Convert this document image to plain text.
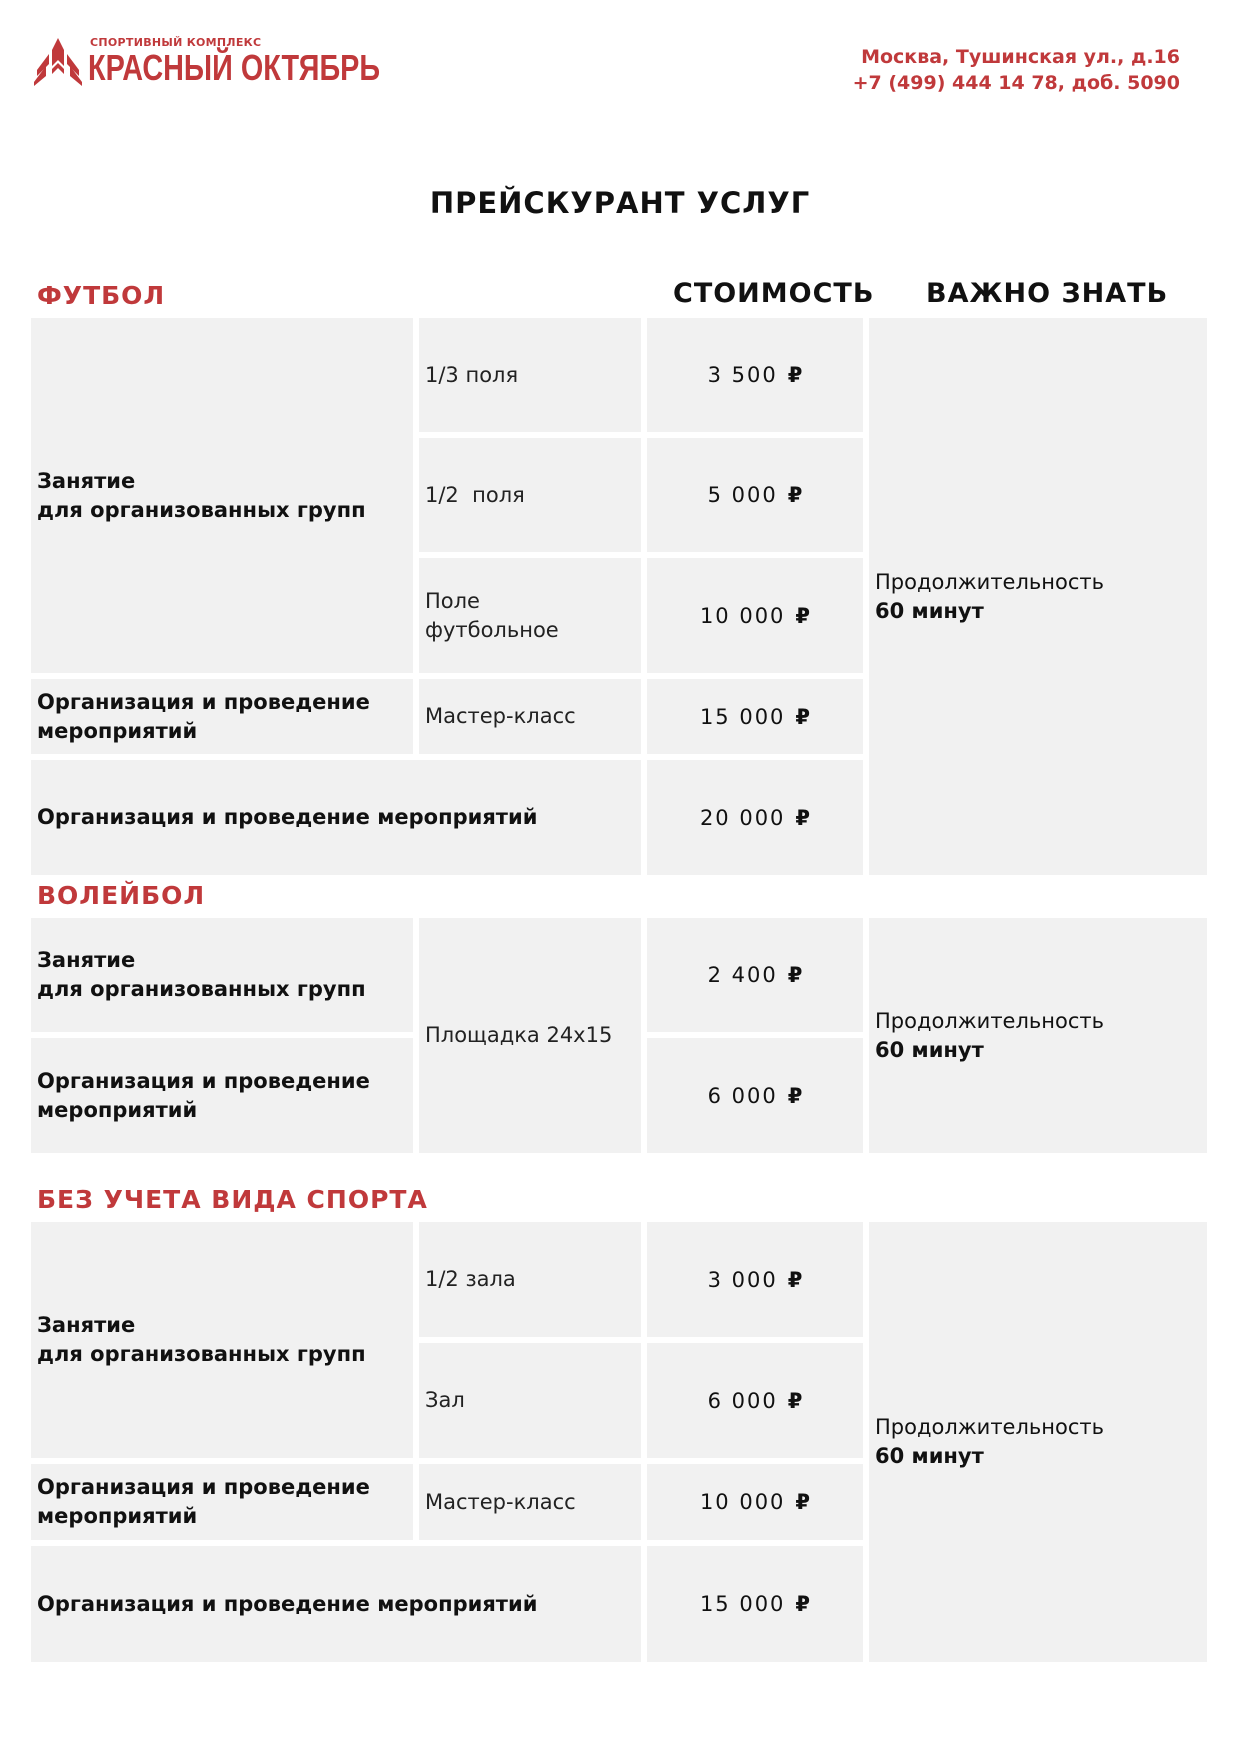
СПОРТИВНЫЙ КОМПЛЕКС
КРАСНЫЙ ОКТЯБРЬ	Москва, Тушинская ул., д.16
+7 (499) 444 14 78, доб. 5090
ПРЕЙСКУРАНТ УСЛУГ
ФУТБОЛ	СТОИМОСТЬ ВАЖНО ЗНАТЬ
Занятие
для организованных групп
1/3 поля
1/2  поля
Поле
футбольное
Организация и проведение мероприятий
Мастер-класс
Организация и проведение мероприятий
3 500 ₽
5 000 ₽
10 000 ₽
15 000 ₽
20 000 ₽
Продолжительность
60 минут
ВОЛЕЙБОЛ
Занятие
для организованных групп
Организация и проведение мероприятий
Площадка 24х15
2 400 ₽
6 000 ₽
Продолжительность
60 минут
БЕЗ УЧЕТА ВИДА СПОРТА
Занятие
для организованных групп
1/2 зала
Зал
Организация и проведение мероприятий
Мастер-класс
Организация и проведение мероприятий
3 000 ₽
6 000 ₽
10 000 ₽
15 000 ₽
Продолжительность
60 минут
